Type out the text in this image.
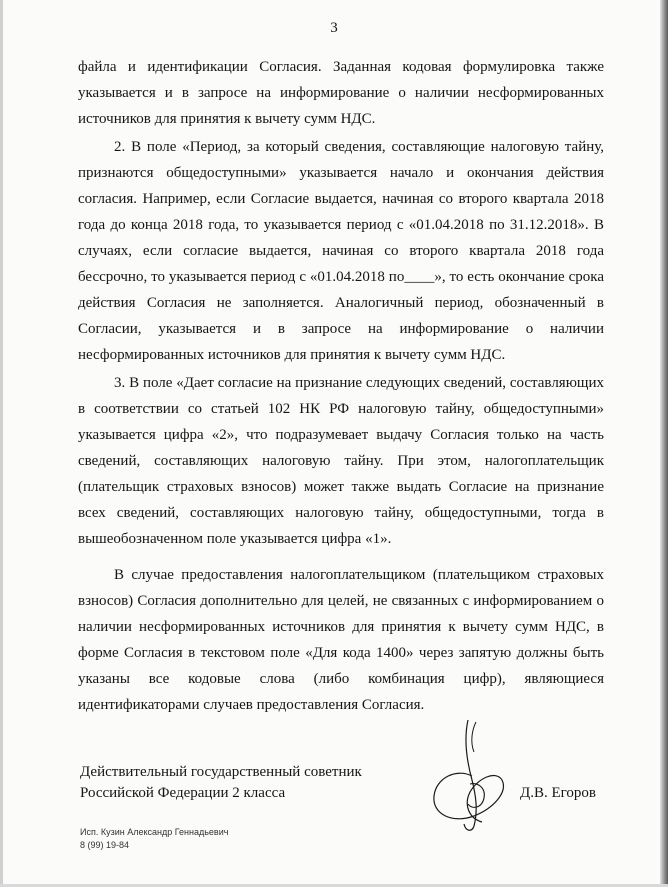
3

файла и идентификации Согласия. Заданная кодовая формулировка также указывается и в запросе на информирование о наличии несформированных источников для принятия к вычету сумм НДС.

2. В поле «Период, за который сведения, составляющие налоговую тайну, признаются общедоступными» указывается начало и окончания действия согласия. Например, если Согласие выдается, начиная со второго квартала 2018 года до конца 2018 года, то указывается период с «01.04.2018 по 31.12.2018». В случаях, если согласие выдается, начиная со второго квартала 2018 года бессрочно, то указывается период с «01.04.2018 по____», то есть окончание срока действия Согласия не заполняется. Аналогичный период, обозначенный в Согласии, указывается и в запросе на информирование о наличии несформированных источников для принятия к вычету сумм НДС.

3. В поле «Дает согласие на признание следующих сведений, составляющих в соответствии со статьей 102 НК РФ налоговую тайну, общедоступными» указывается цифра «2», что подразумевает выдачу Согласия только на часть сведений, составляющих налоговую тайну. При этом, налогоплательщик (плательщик страховых взносов) может также выдать Согласие на признание всех сведений, составляющих налоговую тайну, общедоступными, тогда в вышеобозначенном поле указывается цифра «1».

В случае предоставления налогоплательщиком (плательщиком страховых взносов) Согласия дополнительно для целей, не связанных с информированием о наличии несформированных источников для принятия к вычету сумм НДС, в форме Согласия в текстовом поле «Для кода 1400» через запятую должны быть указаны все кодовые слова (либо комбинация цифр), являющиеся идентификаторами случаев предоставления Согласия.

Действительный государственный советник
Российской Федерации 2 класса	Д.В. Егоров
Исп. Кузин Александр Геннадьевич
8 (99) 19-84
